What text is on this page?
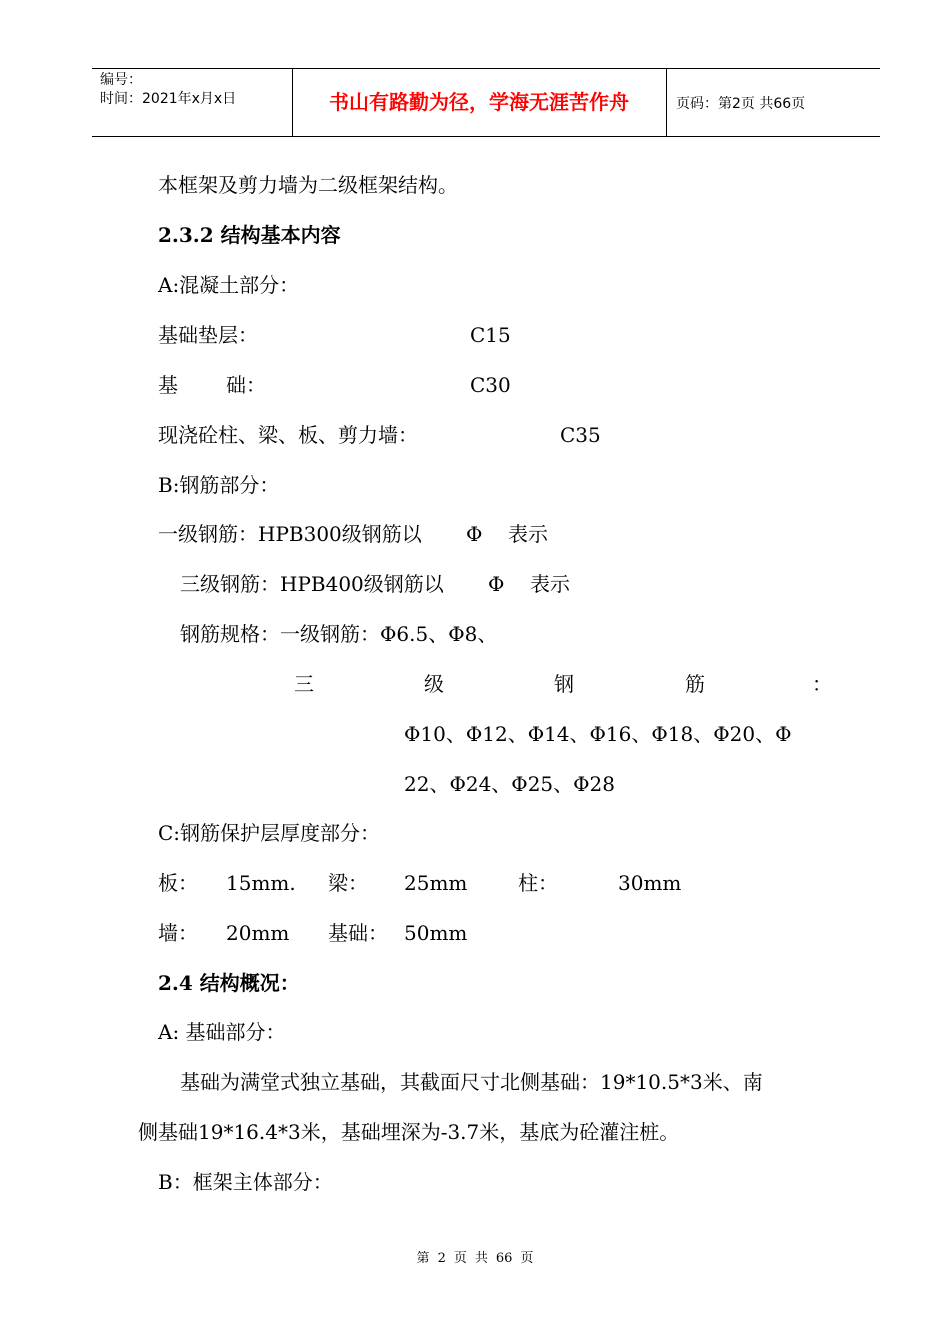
编号：
时间：2021年x月x日	书山有路勤为径，学海无涯苦作舟	页码：第2页 共66页
本框架及剪力墙为二级框架结构。
2.3.2 结构基本内容
A:混凝土部分：
基础垫层：	C15
基 础：	C30
现浇砼柱、梁、板、剪力墙：	C35
B:钢筋部分：
一级钢筋：HPB300级钢筋以 Φ 表示
三级钢筋：HPB400级钢筋以 Φ 表示
钢筋规格：一级钢筋：Φ6.5、Φ8、
三	级	钢	筋	：
Φ10、Φ12、Φ14、Φ16、Φ18、Φ20、Φ
22、Φ24、Φ25、Φ28
C:钢筋保护层厚度部分：
板： 15mm. 梁： 25mm	柱：	30mm
墙： 20mm 基础： 50mm
2.4 结构概况：
A: 基础部分：
基础为满堂式独立基础，其截面尺寸北侧基础：19*10.5*3米、南
侧基础19*16.4*3米，基础埋深为-3.7米，基底为砼灌注桩。
B：框架主体部分：
第 2 页 共 66 页
